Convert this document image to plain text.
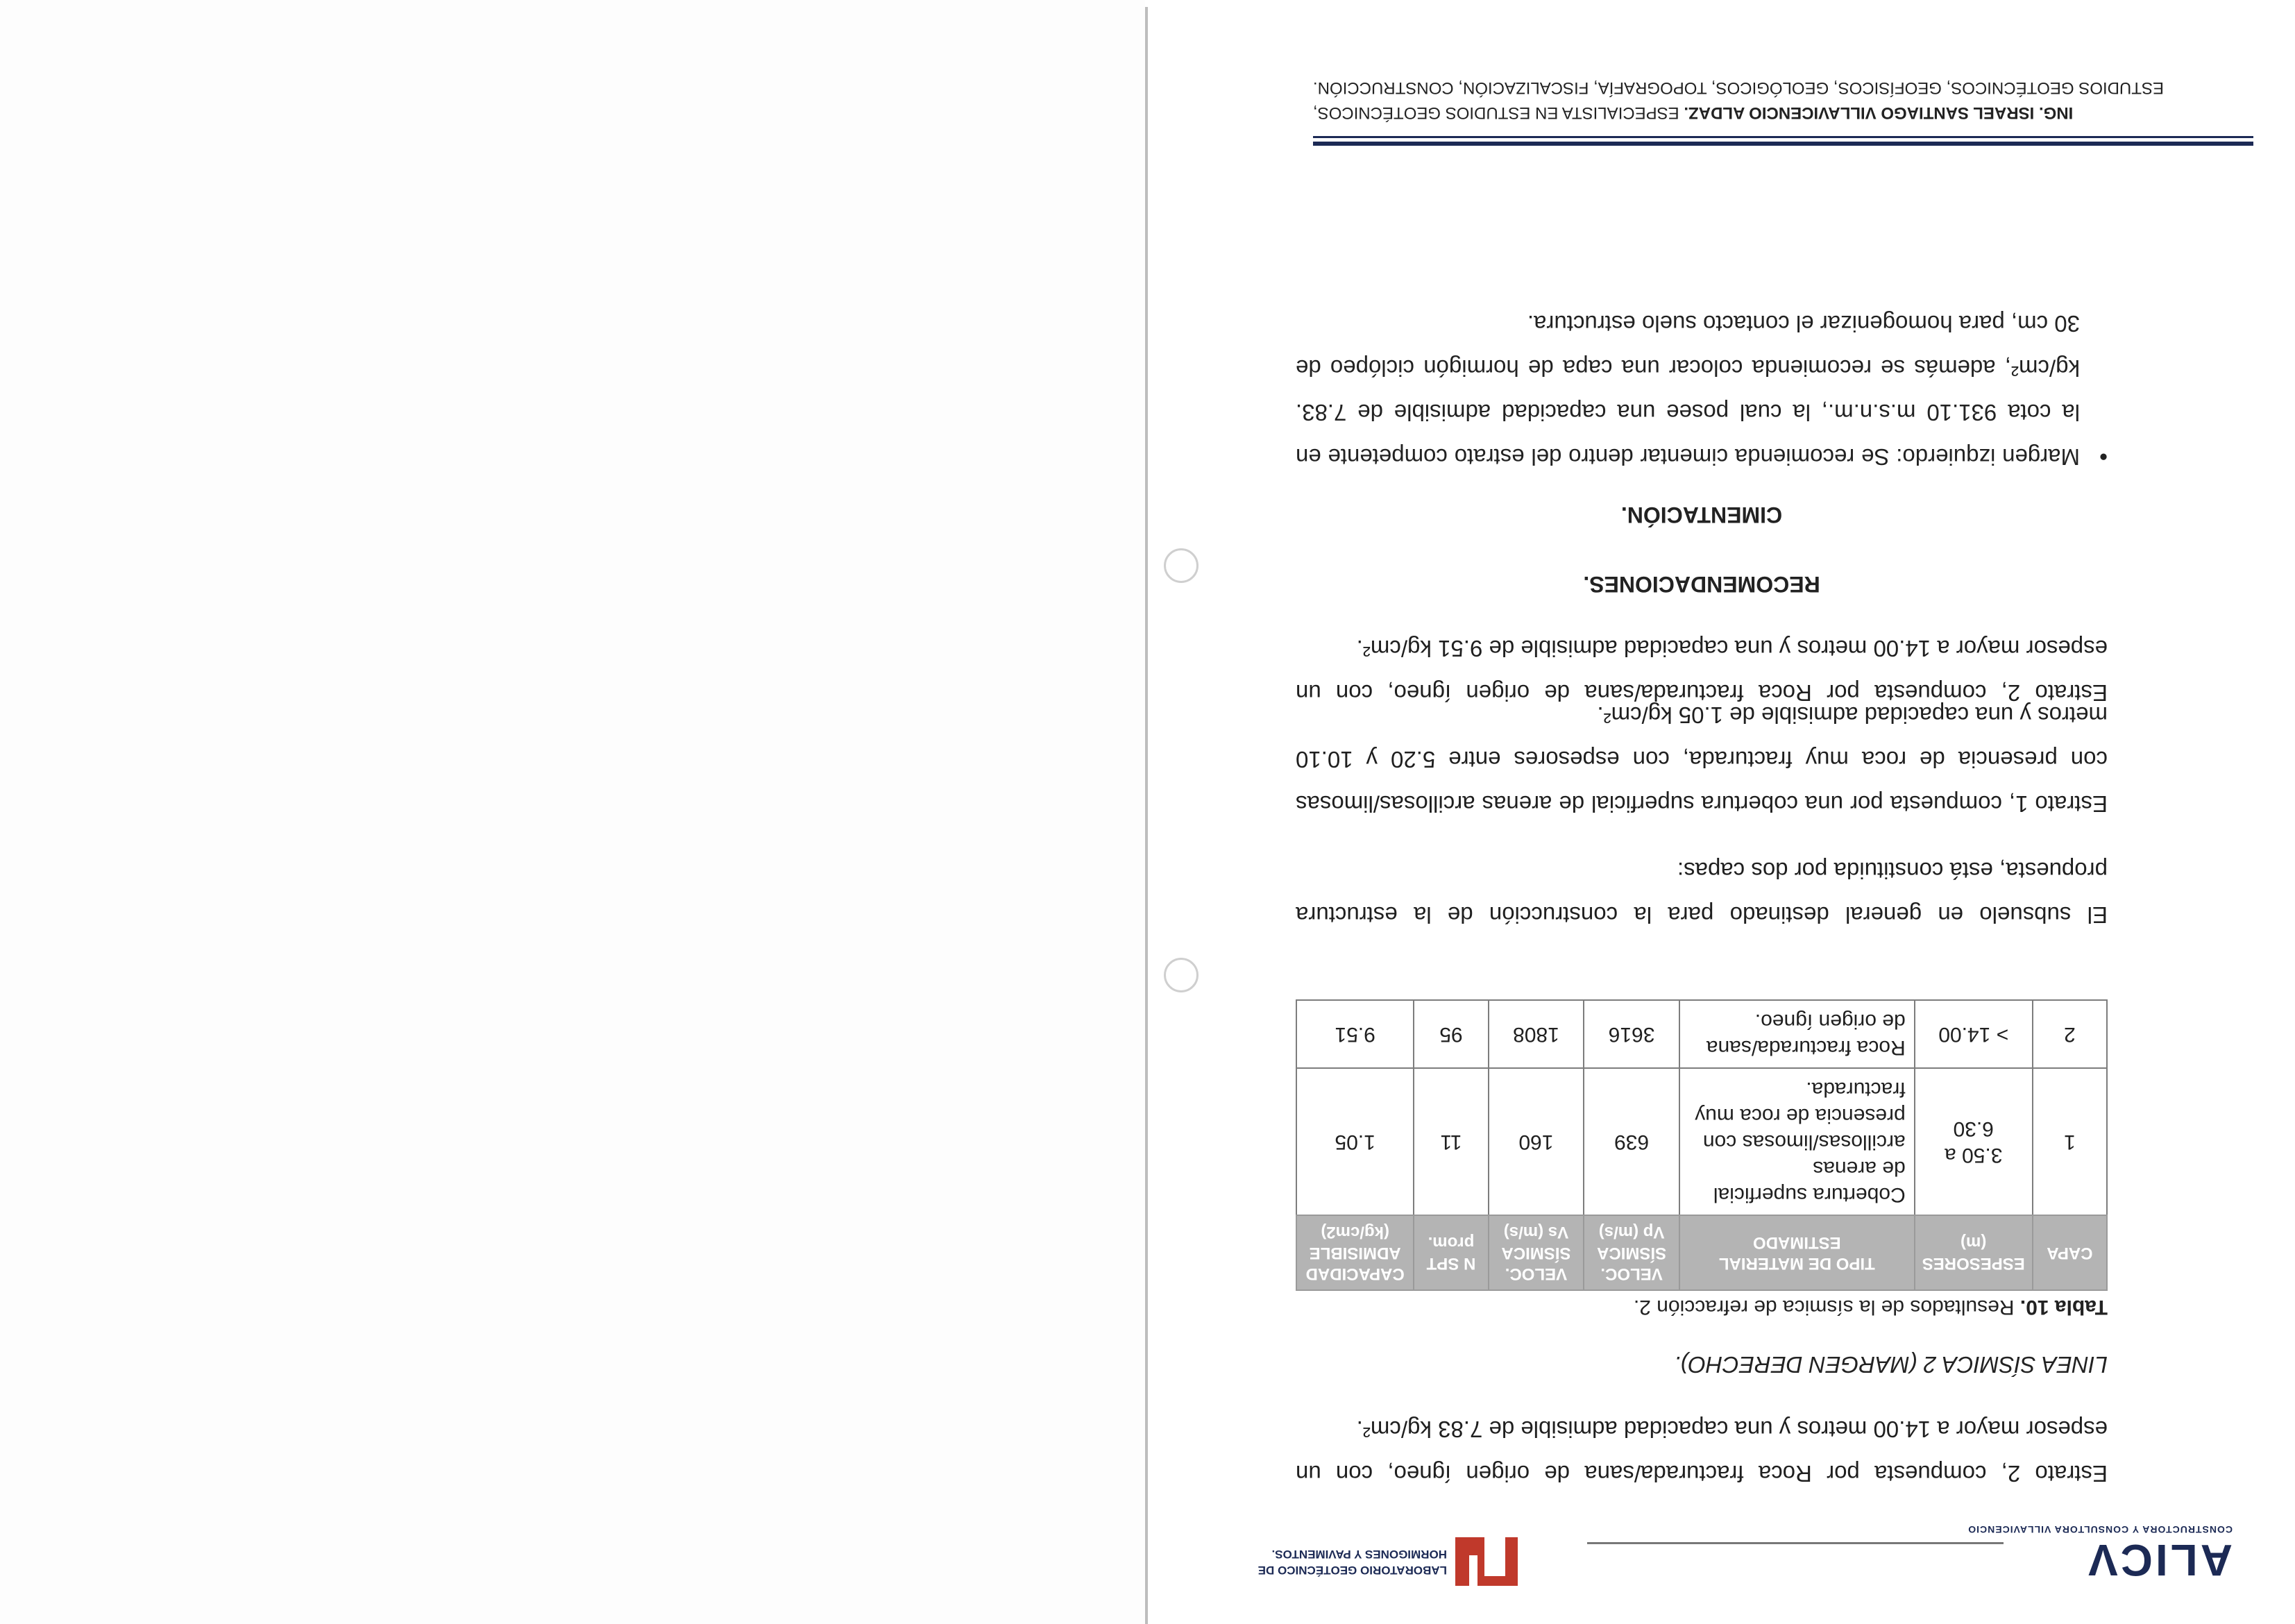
ALICV
CONSTRUCTORA Y CONSULTORA VILLAVICENCIO
LABORATORIO GEOTÉCNICO DE
HORMIGONES Y PAVIMENTOS.
Estrato 2, compuesta por Roca fracturada/sana de origen ígneo, con un espesor mayor a 14.00 metros y una capacidad admisible de 7.83 kg/cm².
LINEA SÍSMICA 2 (MARGEN DERECHO).
Tabla 10. Resultados de la sísmica de refracción 2.
CAPA	ESPESORES (m)	TIPO DE MATERIAL ESTIMADO	VELOC. SÍSMICA Vp (m/s)	VELOC. SÍSMICA Vs (m/s)	N SPT prom.	CAPACIDAD ADMISIBLE (kg/cm2)
1	3.50 a 6.30	Cobertura superficial de arenas arcillosas/limosas con presencia de roca muy fracturada.	639	160	11	1.05
2	> 14.00	Roca fracturada/sana de origen ígneo.	3616	1808	95	9.51
El subsuelo en general destinado para la construcción de la estructura propuesta, está constituida por dos capas:
Estrato 1, compuesta por una cobertura superficial de arenas arcillosas/limosas con presencia de roca muy fracturada, con espesores entre 5.20 y 10.10 metros y una capacidad admisible de 1.05 kg/cm².
Estrato 2, compuesta por Roca fracturada/sana de origen ígneo, con un espesor mayor a 14.00 metros y una capacidad admisible de 9.51 kg/cm².
RECOMENDACIONES.
CIMENTACIÓN.
•
Margen izquierdo: Se recomienda cimentar dentro del estrato competente en la cota 931.10 m.s.n.m., la cual posee una capacidad admisible de 7.83. kg/cm², además se recomienda colocar una capa de hormigón ciclópeo de 30 cm, para homogenizar el contacto suelo estructura.
ING. ISRAEL SANTIAGO VILLAVICENCIO ALDAZ. ESPECIALISTA EN ESTUDIOS GEOTÉCNICOS,
ESTUDIOS GEOTÉCNICOS, GEOFÍSICOS, GEOLÓGICOS, TOPOGRAFÍA, FISCALIZACIÓN, CONSTRUCCIÓN.
